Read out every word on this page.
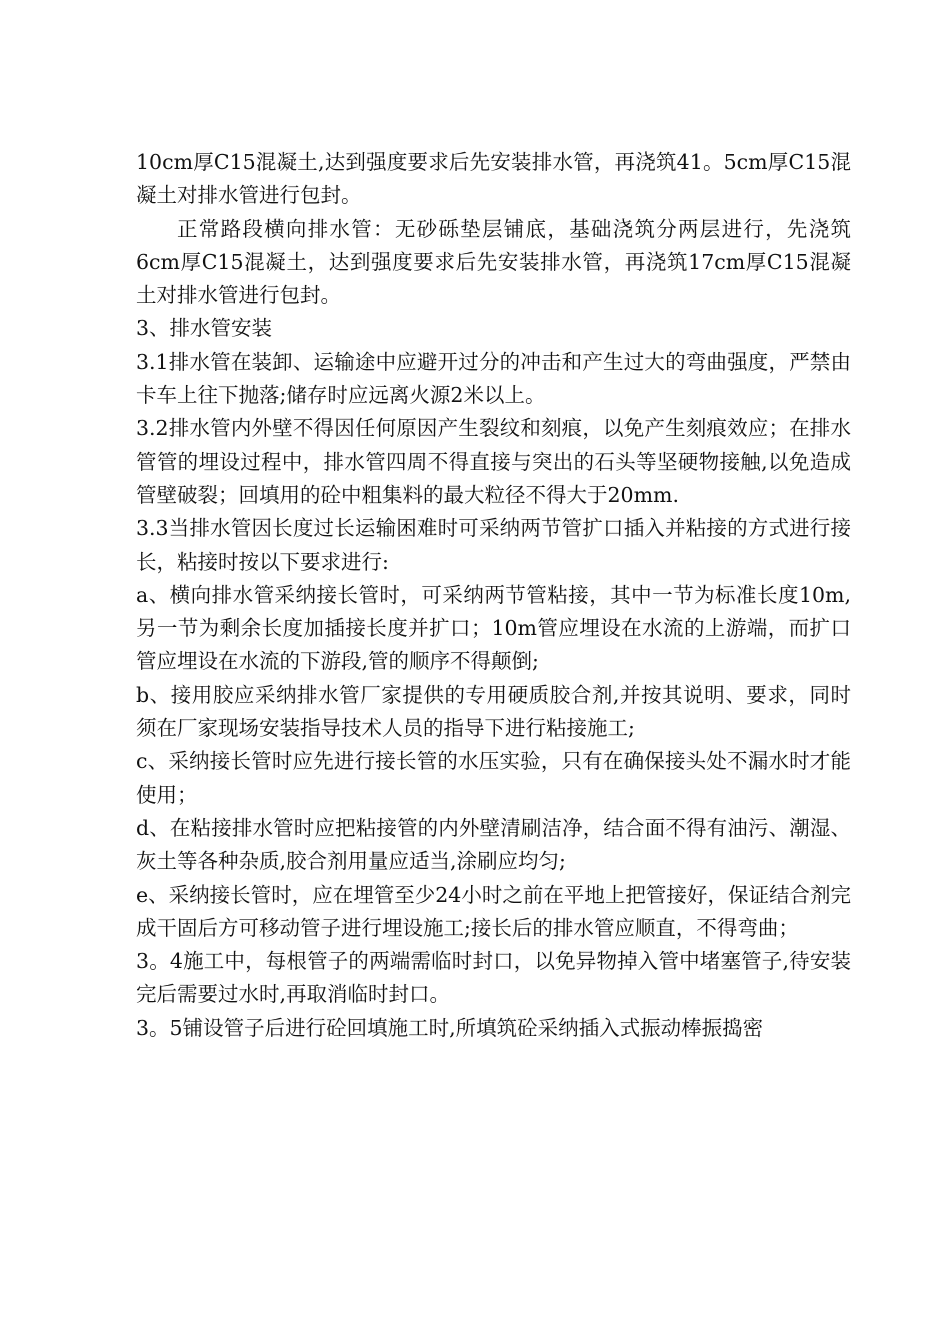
10cm厚C15混凝土,达到强度要求后先安装排水管，再浇筑41。5cm厚C15混凝土对排水管进行包封。

正常路段横向排水管：无砂砾垫层铺底，基础浇筑分两层进行，先浇筑6cm厚C15混凝土，达到强度要求后先安装排水管，再浇筑17cm厚C15混凝土对排水管进行包封。

3、排水管安装

3.1排水管在装卸、运输途中应避开过分的冲击和产生过大的弯曲强度，严禁由卡车上往下抛落;储存时应远离火源2米以上。

3.2排水管内外壁不得因任何原因产生裂纹和刻痕，以免产生刻痕效应；在排水管管的埋设过程中，排水管四周不得直接与突出的石头等坚硬物接触,以免造成管壁破裂；回填用的砼中粗集料的最大粒径不得大于20mm.

3.3当排水管因长度过长运输困难时可采纳两节管扩口插入并粘接的方式进行接长，粘接时按以下要求进行:

a、横向排水管采纳接长管时，可采纳两节管粘接，其中一节为标准长度10m,另一节为剩余长度加插接长度并扩口；10m管应埋设在水流的上游端，而扩口管应埋设在水流的下游段,管的顺序不得颠倒;

b、接用胶应采纳排水管厂家提供的专用硬质胶合剂,并按其说明、要求，同时须在厂家现场安装指导技术人员的指导下进行粘接施工;

c、采纳接长管时应先进行接长管的水压实验，只有在确保接头处不漏水时才能使用；

d、在粘接排水管时应把粘接管的内外壁清刷洁净，结合面不得有油污、潮湿、灰土等各种杂质,胶合剂用量应适当,涂刷应均匀;

e、采纳接长管时，应在埋管至少24小时之前在平地上把管接好，保证结合剂完成干固后方可移动管子进行埋设施工;接长后的排水管应顺直，不得弯曲；

3。4施工中，每根管子的两端需临时封口，以免异物掉入管中堵塞管子,待安装完后需要过水时,再取消临时封口。

3。5铺设管子后进行砼回填施工时,所填筑砼采纳插入式振动棒振捣密
